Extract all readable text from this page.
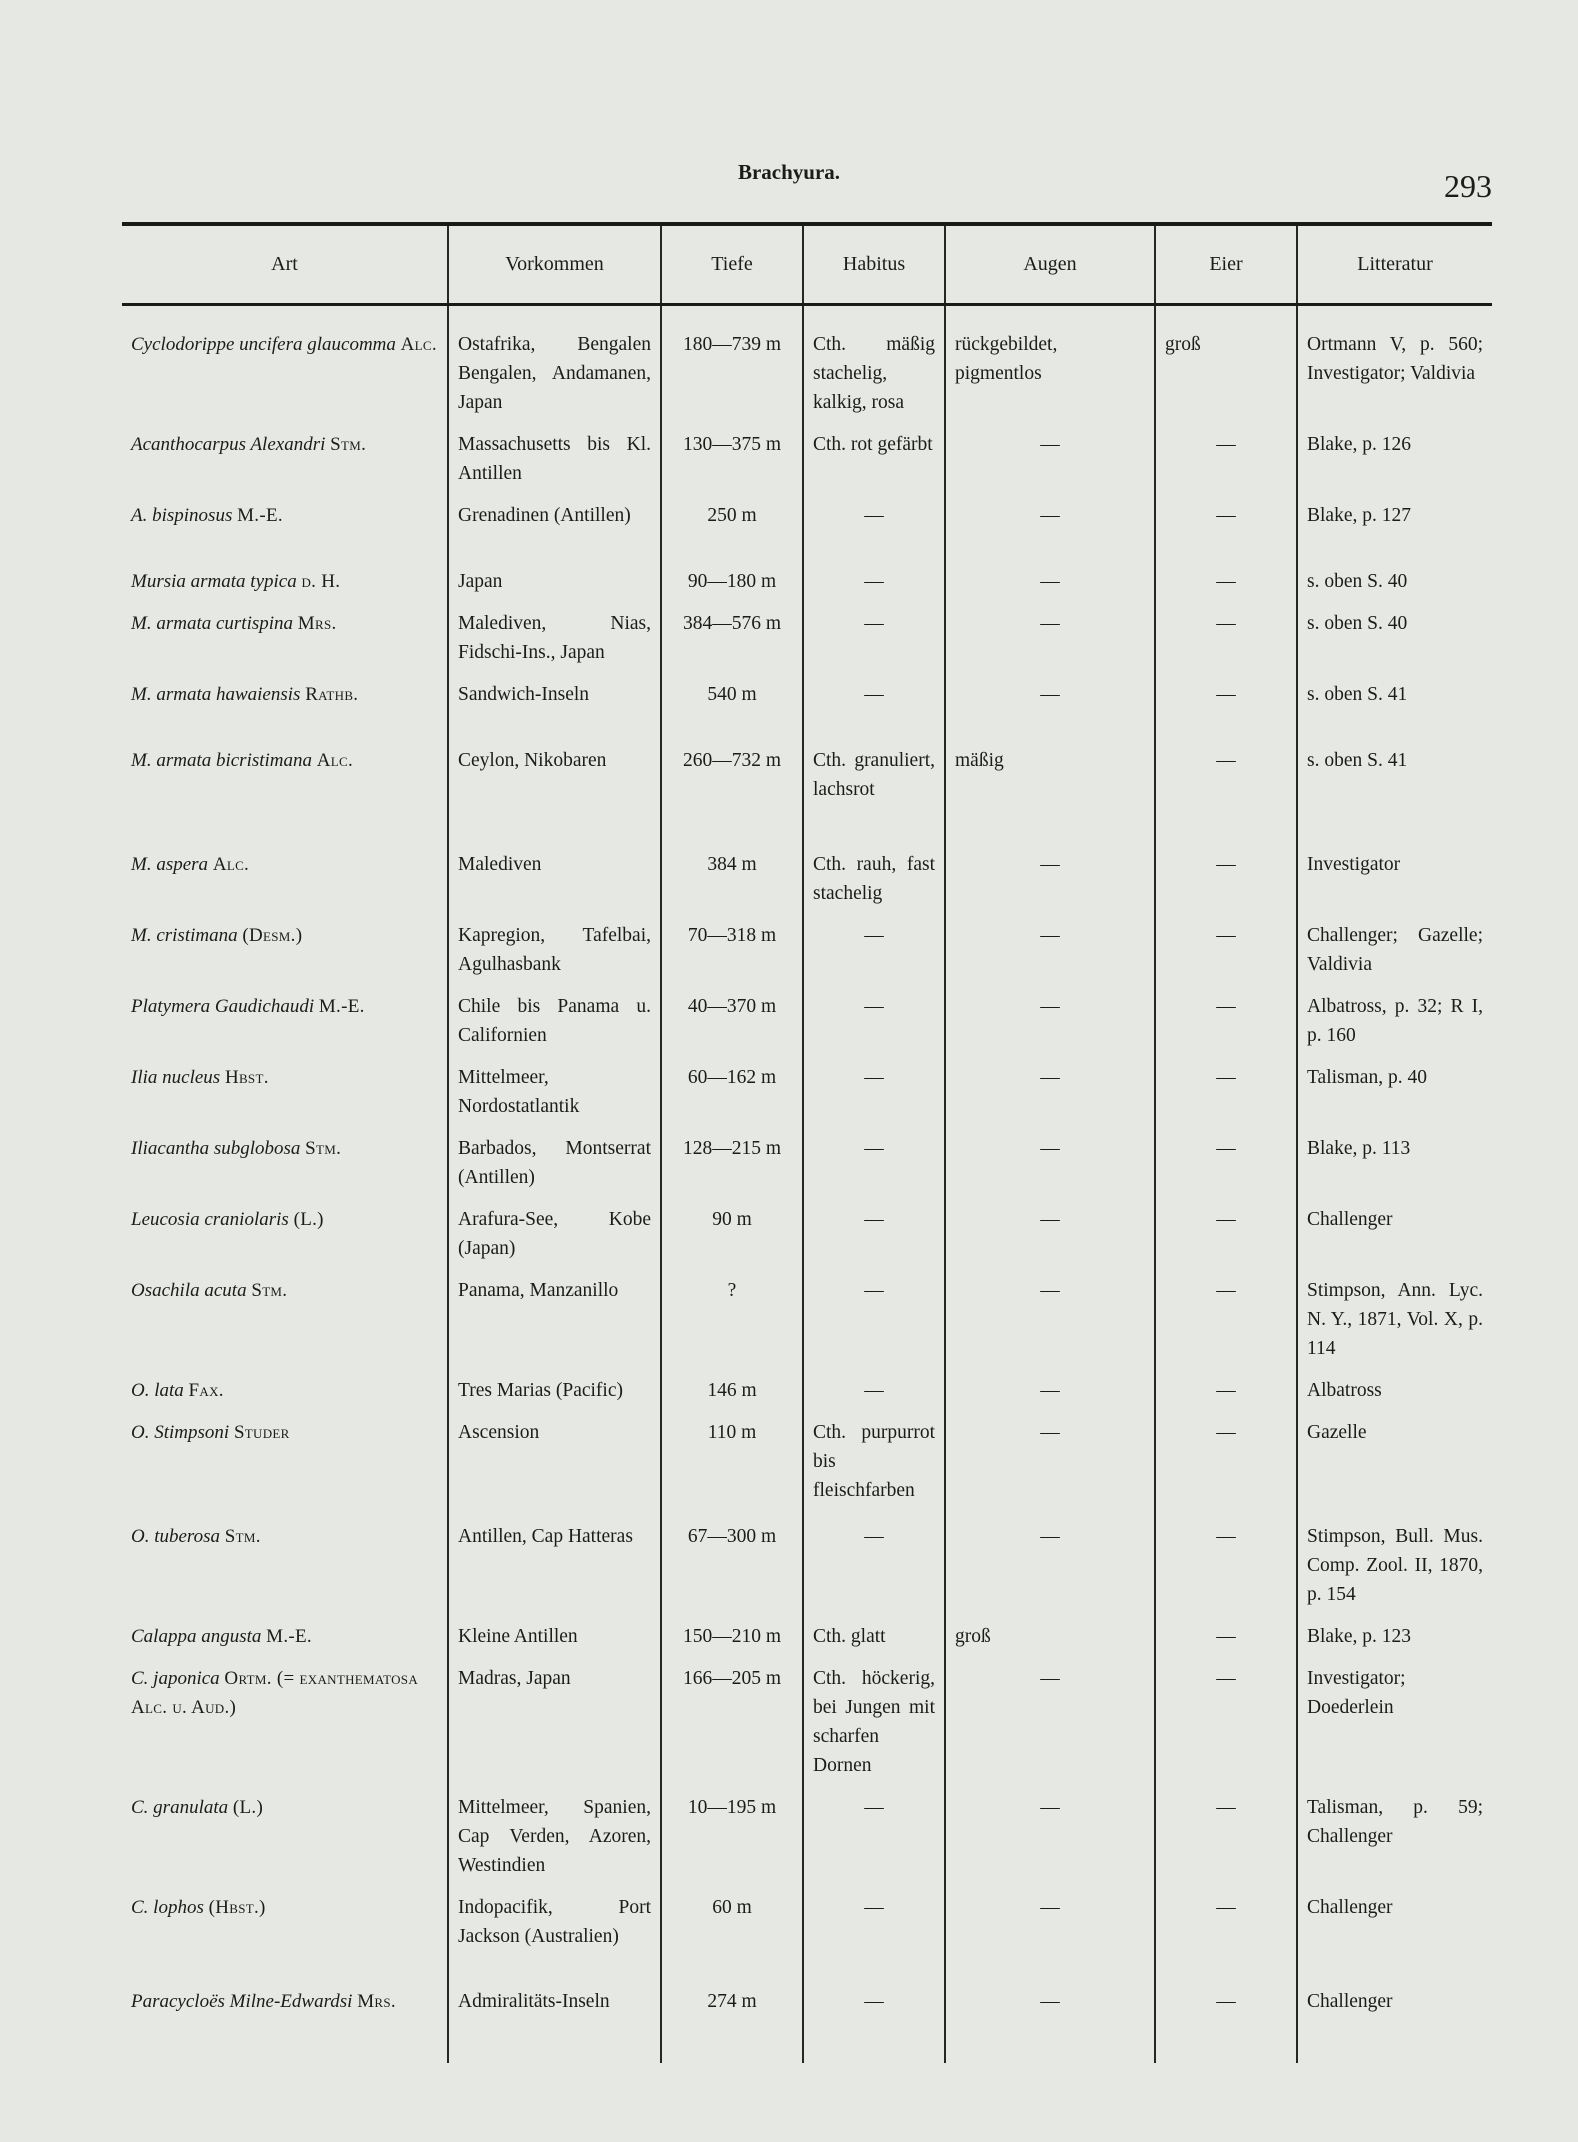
Brachyura.	293
Art	Vorkommen	Tiefe	Habitus	Augen	Eier	Litteratur
Cyclodorippe uncifera glaucomma Alc.	Ostafrika, Bengalen Bengalen, Andamanen, Japan	180—739 m	Cth. mäßig stachelig, kalkig, rosa	rückgebildet, pigmentlos	groß	Ortmann V, p. 560; Investigator; Valdivia
Acanthocarpus Alexandri Stm.	Massachusetts bis Kl. Antillen	130—375 m	Cth. rot gefärbt	—	—	Blake, p. 126
A. bispinosus M.-E.	Grenadinen (Antillen)	250 m	—	—	—	Blake, p. 127
Mursia armata typica d. H.	Japan	90—180 m	—	—	—	s. oben S. 40
M. armata curtispina Mrs.	Malediven, Nias, Fidschi-Ins., Japan	384—576 m	—	—	—	s. oben S. 40
M. armata hawaiensis Rathb.	Sandwich-Inseln	540 m	—	—	—	s. oben S. 41
M. armata bicristimana Alc.	Ceylon, Nikobaren	260—732 m	Cth. granuliert, lachsrot	mäßig	—	s. oben S. 41
M. aspera Alc.	Malediven	384 m	Cth. rauh, fast stachelig	—	—	Investigator
M. cristimana (Desm.)	Kapregion, Tafelbai, Agulhasbank	70—318 m	—	—	—	Challenger; Gazelle; Valdivia
Platymera Gaudichaudi M.-E.	Chile bis Panama u. Californien	40—370 m	—	—	—	Albatross, p. 32; R I, p. 160
Ilia nucleus Hbst.	Mittelmeer, Nordostatlantik	60—162 m	—	—	—	Talisman, p. 40
Iliacantha subglobosa Stm.	Barbados, Montserrat (Antillen)	128—215 m	—	—	—	Blake, p. 113
Leucosia craniolaris (L.)	Arafura-See, Kobe (Japan)	90 m	—	—	—	Challenger
Osachila acuta Stm.	Panama, Manzanillo	?	—	—	—	Stimpson, Ann. Lyc. N. Y., 1871, Vol. X, p. 114
O. lata Fax.	Tres Marias (Pacific)	146 m	—	—	—	Albatross
O. Stimpsoni Studer	Ascension	110 m	Cth. purpurrot bis fleischfarben	—	—	Gazelle
O. tuberosa Stm.	Antillen, Cap Hatteras	67—300 m	—	—	—	Stimpson, Bull. Mus. Comp. Zool. II, 1870, p. 154
Calappa angusta M.-E.	Kleine Antillen	150—210 m	Cth. glatt	groß	—	Blake, p. 123
C. japonica Ortm. (= exanthematosa Alc. u. Aud.)	Madras, Japan	166—205 m	Cth. höckerig, bei Jungen mit scharfen Dornen	—	—	Investigator; Doederlein
C. granulata (L.)	Mittelmeer, Spanien, Cap Verden, Azoren, Westindien	10—195 m	—	—	—	Talisman, p. 59; Challenger
C. lophos (Hbst.)	Indopacifik, Port Jackson (Australien)	60 m	—	—	—	Challenger
Paracycloës Milne-Edwardsi Mrs.	Admiralitäts-Inseln	274 m	—	—	—	Challenger
